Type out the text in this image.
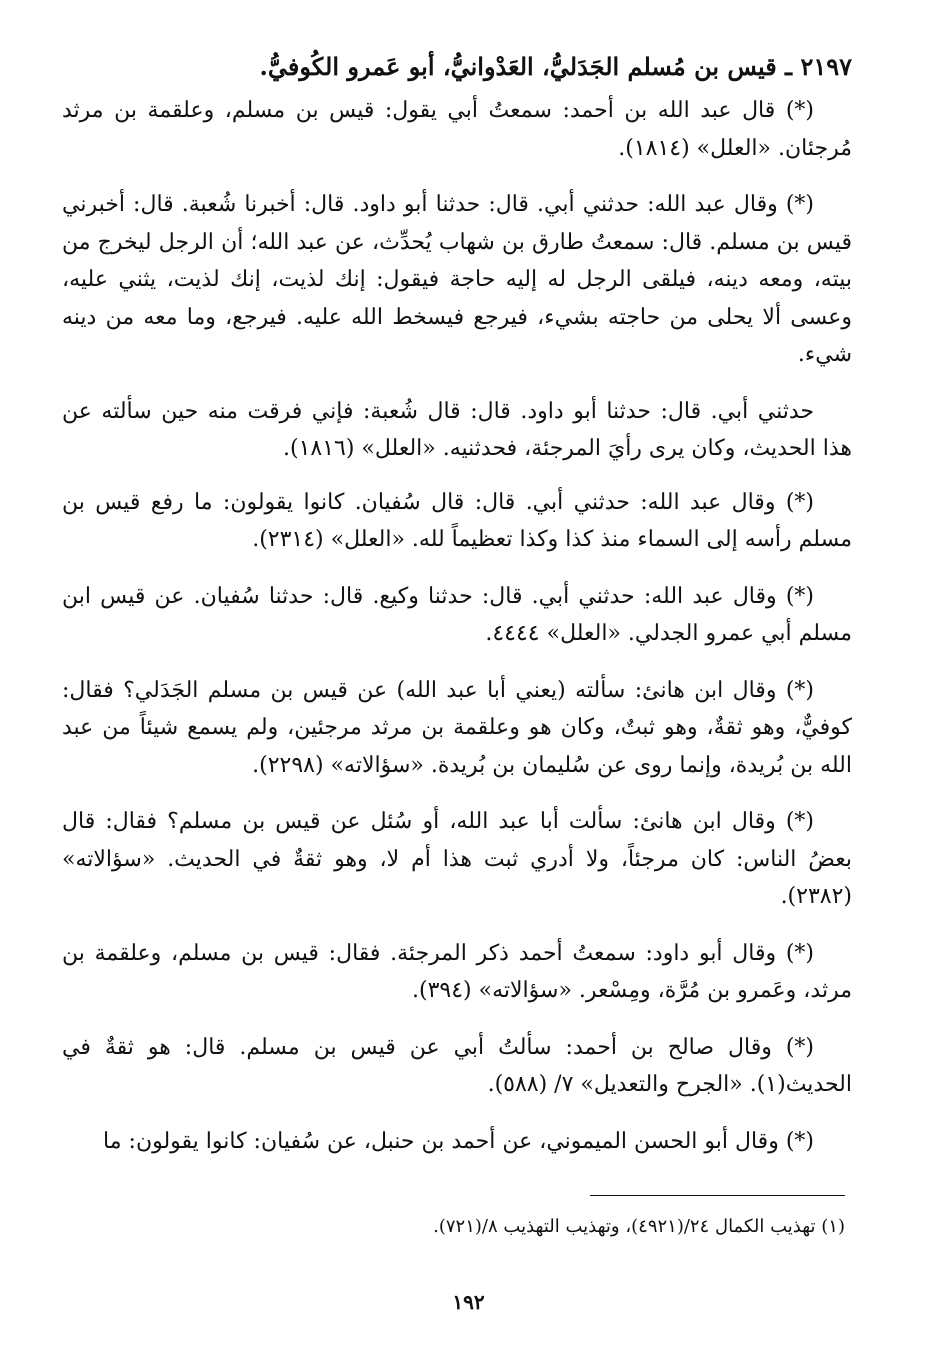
٢١٩٧ ـ قيس بن مُسلم الجَدَليُّ، العَدْوانيُّ، أبو عَمرو الكُوفيُّ.

(*) قال عبد الله بن أحمد: سمعتُ أبي يقول: قيس بن مسلم، وعلقمة بن مرثد مُرجئان. «العلل» (١٨١٤).

(*) وقال عبد الله: حدثني أبي. قال: حدثنا أبو داود. قال: أخبرنا شُعبة. قال: أخبرني قيس بن مسلم. قال: سمعتُ طارق بن شهاب يُحدِّث، عن عبد الله؛ أن الرجل ليخرج من بيته، ومعه دينه، فيلقى الرجل له إليه حاجة فيقول: إنك لذيت، إنك لذيت، يثني عليه، وعسى ألا يحلى من حاجته بشيء، فيرجع فيسخط الله عليه. فيرجع، وما معه من دينه شيء.

حدثني أبي. قال: حدثنا أبو داود. قال: قال شُعبة: فإني فرقت منه حين سألته عن هذا الحديث، وكان يرى رأيَ المرجئة، فحدثنيه. «العلل» (١٨١٦).

(*) وقال عبد الله: حدثني أبي. قال: قال سُفيان. كانوا يقولون: ما رفع قيس بن مسلم رأسه إلى السماء منذ كذا وكذا تعظيماً لله. «العلل» (٢٣١٤).

(*) وقال عبد الله: حدثني أبي. قال: حدثنا وكيع. قال: حدثنا سُفيان. عن قيس ابن مسلم أبي عمرو الجدلي. «العلل» ٤٤٤٤.

(*) وقال ابن هانئ: سألته (يعني أبا عبد الله) عن قيس بن مسلم الجَدَلي؟ فقال: كوفيٌّ، وهو ثقةٌ، وهو ثبتٌ، وكان هو وعلقمة بن مرثد مرجئين، ولم يسمع شيئاً من عبد الله بن بُريدة، وإنما روى عن سُليمان بن بُريدة. «سؤالاته» (٢٢٩٨).

(*) وقال ابن هانئ: سألت أبا عبد الله، أو سُئل عن قيس بن مسلم؟ فقال: قال بعضُ الناس: كان مرجئاً، ولا أدري ثبت هذا أم لا، وهو ثقةٌ في الحديث. «سؤالاته» (٢٣٨٢).

(*) وقال أبو داود: سمعتُ أحمد ذكر المرجئة. فقال: قيس بن مسلم، وعلقمة بن مرثد، وعَمرو بن مُرَّة، ومِسْعر. «سؤالاته» (٣٩٤).

(*) وقال صالح بن أحمد: سألتُ أبي عن قيس بن مسلم. قال: هو ثقةٌ في الحديث(١). «الجرح والتعديل» ٧/ (٥٨٨).

(*) وقال أبو الحسن الميموني، عن أحمد بن حنبل، عن سُفيان: كانوا يقولون: ما

(١) تهذيب الكمال ٢٤/(٤٩٢١)، وتهذيب التهذيب ٨/(٧٢١).
١٩٢
